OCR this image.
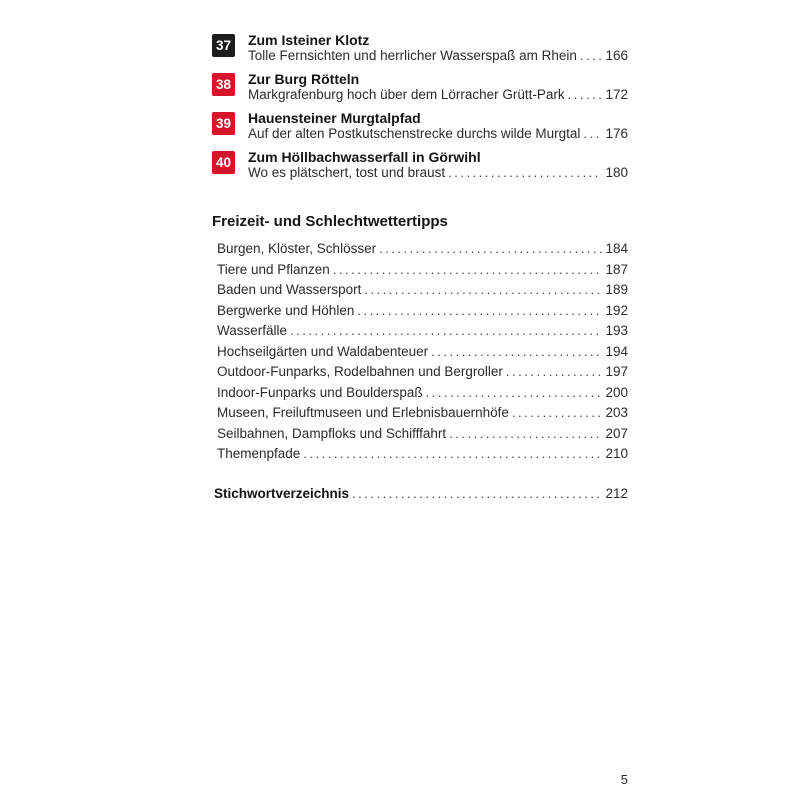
37 Zum Isteiner Klotz
Tolle Fernsichten und herrlicher Wasserspaß am Rhein ..... 166
38 Zur Burg Rötteln
Markgrafenburg hoch über dem Lörracher Grütt-Park .....	172
39 Hauensteiner Murgtalpfad
Auf der alten Postkutschenstrecke durchs wilde Murgtal ..... 176
40 Zum Höllbachwasserfall in Görwihl
Wo es plätschert, tost und braust .....	180
Freizeit- und Schlechtwettertipps
Burgen, Klöster, Schlösser .....	184
Tiere und Pflanzen .....	187
Baden und Wassersport .....	189
Bergwerke und Höhlen .....	192
Wasserfälle .....	193
Hochseilgärten und Waldabenteuer .....	194
Outdoor-Funparks, Rodelbahnen und Bergroller .....	197
Indoor-Funparks und Boulderspaß .....	200
Museen, Freiluftmuseen und Erlebnisbauernhöfe .....	203
Seilbahnen, Dampfloks und Schifffahrt .....	207
Themenpfade .....	210
Stichwortverzeichnis .....	212
5
